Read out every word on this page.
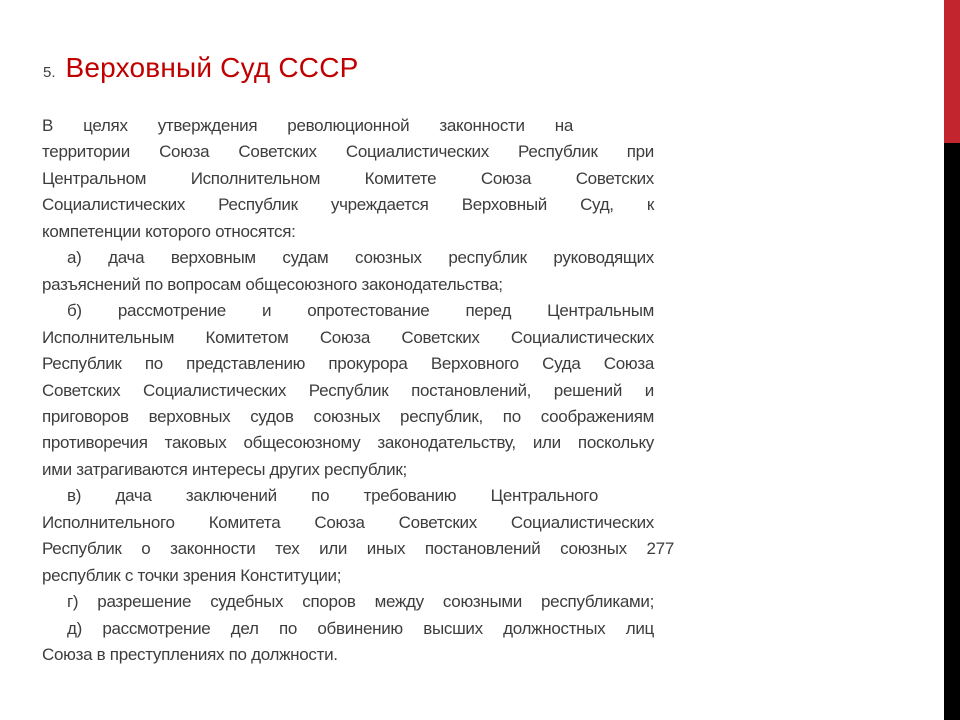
5. Верховный Суд СССР
В целях утверждения революционной законности на
территории Союза Советских Социалистических Республик при
Центральном Исполнительном Комитете Союза Советских
Социалистических Республик учреждается Верховный Суд, к
компетенции которого относятся:
а) дача верховным судам союзных республик руководящих
разъяснений по вопросам общесоюзного законодательства;
б) рассмотрение и опротестование перед Центральным
Исполнительным Комитетом Союза Советских Социалистических
Республик по представлению прокурора Верховного Суда Союза
Советских Социалистических Республик постановлений, решений и
приговоров верховных судов союзных республик, по соображениям
противоречия таковых общесоюзному законодательству, или поскольку
ими затрагиваются интересы других республик;
в) дача заключений по требованию Центрального
Исполнительного Комитета Союза Советских Социалистических
Республик о законности тех или иных постановлений союзных 277
республик с точки зрения Конституции;
г) разрешение судебных споров между союзными республиками;
д) рассмотрение дел по обвинению высших должностных лиц
Союза в преступлениях по должности.
